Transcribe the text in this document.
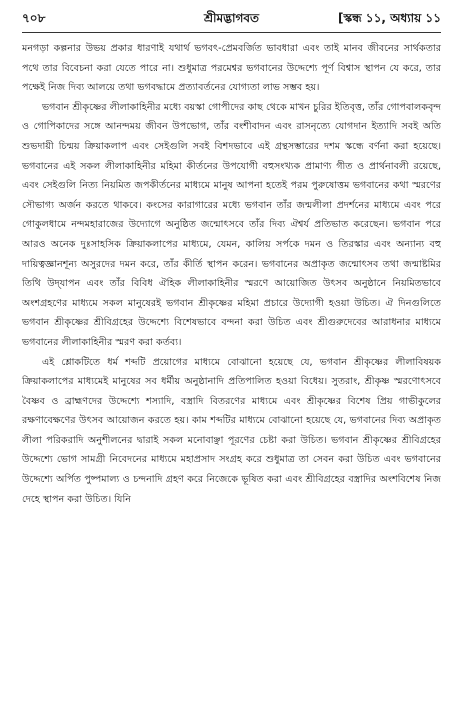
৭০৮	শ্রীমদ্ভাগবত	[স্কন্ধ ১১, অধ্যায় ১১

মনগড়া কল্পনার উভয় প্রকার ধারণাই যথার্থ ভগবৎ-প্রেমবর্জিত ভাবধারা এবং তাই মানব জীবনের সার্থকতার পথে তার বিবেচনা করা যেতে পারে না। শুধুমাত্র পরমেশ্বর ভগবানের উদ্দেশ্যে পূর্ণ বিশ্বাস স্থাপন যে করে, তার পক্ষেই নিজ দিব্য আলয়ে তথা ভগবদ্ধামে প্রত্যাবর্তনের যোগ্যতা লাভ সম্ভব হয়।

ভগবান শ্রীকৃষ্ণের লীলাকাহিনীর মধ্যে বয়স্কা গোপীদের কাছ থেকে মাখন চুরির ইতিবৃত্ত, তাঁর গোপবালকবৃন্দ ও গোপিকাদের সঙ্গে আনন্দময় জীবন উপভোগ, তাঁর বংশীবাদন এবং রাসনৃত্যে যোগদান ইত্যাদি সবই অতি শুভদায়ী চিন্ময় ক্রিয়াকলাপ এবং সেইগুলি সবই বিশদভাবে এই গ্রন্থসম্ভারের দশম স্কন্ধে বর্ণনা করা হয়েছে। ভগবানের এই সকল লীলাকাহিনীর মহিমা কীর্তনের উপযোগী বহুসংখ্যক প্রামাণ্য গীত ও প্রার্থনাবলী রয়েছে, এবং সেইগুলি নিত্য নিয়মিত জপকীর্তনের মাধ্যমে মানুষ আপনা হতেই পরম পুরুষোত্তম ভগবানের কথা স্মরণের সৌভাগ্য অর্জন করতে থাকবে। কংসের কারাগারের মধ্যে ভগবান তাঁর জন্মলীলা প্রদর্শনের মাধ্যমে এবং পরে গোকুলধামে নন্দমহারাজের উদ্যোগে অনুষ্ঠিত জন্মোৎসবে তাঁর দিব্য ঐশ্বর্য প্রতিভাত করেছেন। ভগবান পরে আরও অনেক দুঃসাহসিক ক্রিয়াকলাপের মাধ্যমে, যেমন, কালিয় সর্পকে দমন ও তিরস্কার এবং অন্যান্য বহু দায়িত্বজ্ঞানশূন্য অসুরদের দমন করে, তাঁর কীর্তি স্থাপন করেন। ভগবানের অপ্রাকৃত জন্মোৎসব তথা জন্মাষ্টমির তিথি উদ্‌যাপন এবং তাঁর বিবিধ ঐহিক লীলাকাহিনীর স্মরণে আয়োজিত উৎসব অনুষ্ঠানে নিয়মিতভাবে অংশগ্রহণের মাধ্যমে সকল মানুষেরই ভগবান শ্রীকৃষ্ণের মহিমা প্রচারে উদ্যোগী হওয়া উচিত। ঐ দিনগুলিতে ভগবান শ্রীকৃষ্ণের শ্রীবিগ্রহের উদ্দেশ্যে বিশেষভাবে বন্দনা করা উচিত এবং শ্রীগুরুদেবের আরাধনার মাধ্যমে ভগবানের লীলাকাহিনীর স্মরণ করা কর্তব্য।

এই শ্লোকটিতে ধর্ম শব্দটি প্রয়োগের মাধ্যমে বোঝানো হয়েছে যে, ভগবান শ্রীকৃষ্ণের লীলাবিষয়ক ক্রিয়াকলাপের মাধ্যমেই মানুষের সব ধর্মীয় অনুষ্ঠানাদি প্রতিপালিত হওয়া বিধেয়। সুতরাং, শ্রীকৃষ্ণ স্মরণোৎসবে বৈষ্ণব ও ব্রাহ্মণদের উদ্দেশ্যে শস্যাদি, বস্ত্রাদি বিতরণের মাধ্যমে এবং শ্রীকৃষ্ণের বিশেষ প্রিয় গাভীকুলের রক্ষণাবেক্ষণের উৎসব আয়োজন করতে হয়। কাম শব্দটির মাধ্যমে বোঝানো হয়েছে যে, ভগবানের দিব্য অপ্রাকৃত লীলা পরিকরাদি অনুশীলনের দ্বারাই সকল মনোবাঞ্ছা পূরণের চেষ্টা করা উচিত। ভগবান শ্রীকৃষ্ণের শ্রীবিগ্রহের উদ্দেশ্যে ভোগ সামগ্রী নিবেদনের মাধ্যমে মহাপ্রসাদ সংগ্রহ করে শুধুমাত্র তা সেবন করা উচিত এবং ভগবানের উদ্দেশ্যে অর্পিত পুষ্পমাল্য ও চন্দনাদি গ্রহণ করে নিজেকে ভূষিত করা এবং শ্রীবিগ্রহের বস্ত্রাদির অংশবিশেষ নিজ দেহে স্থাপন করা উচিত। যিনি
